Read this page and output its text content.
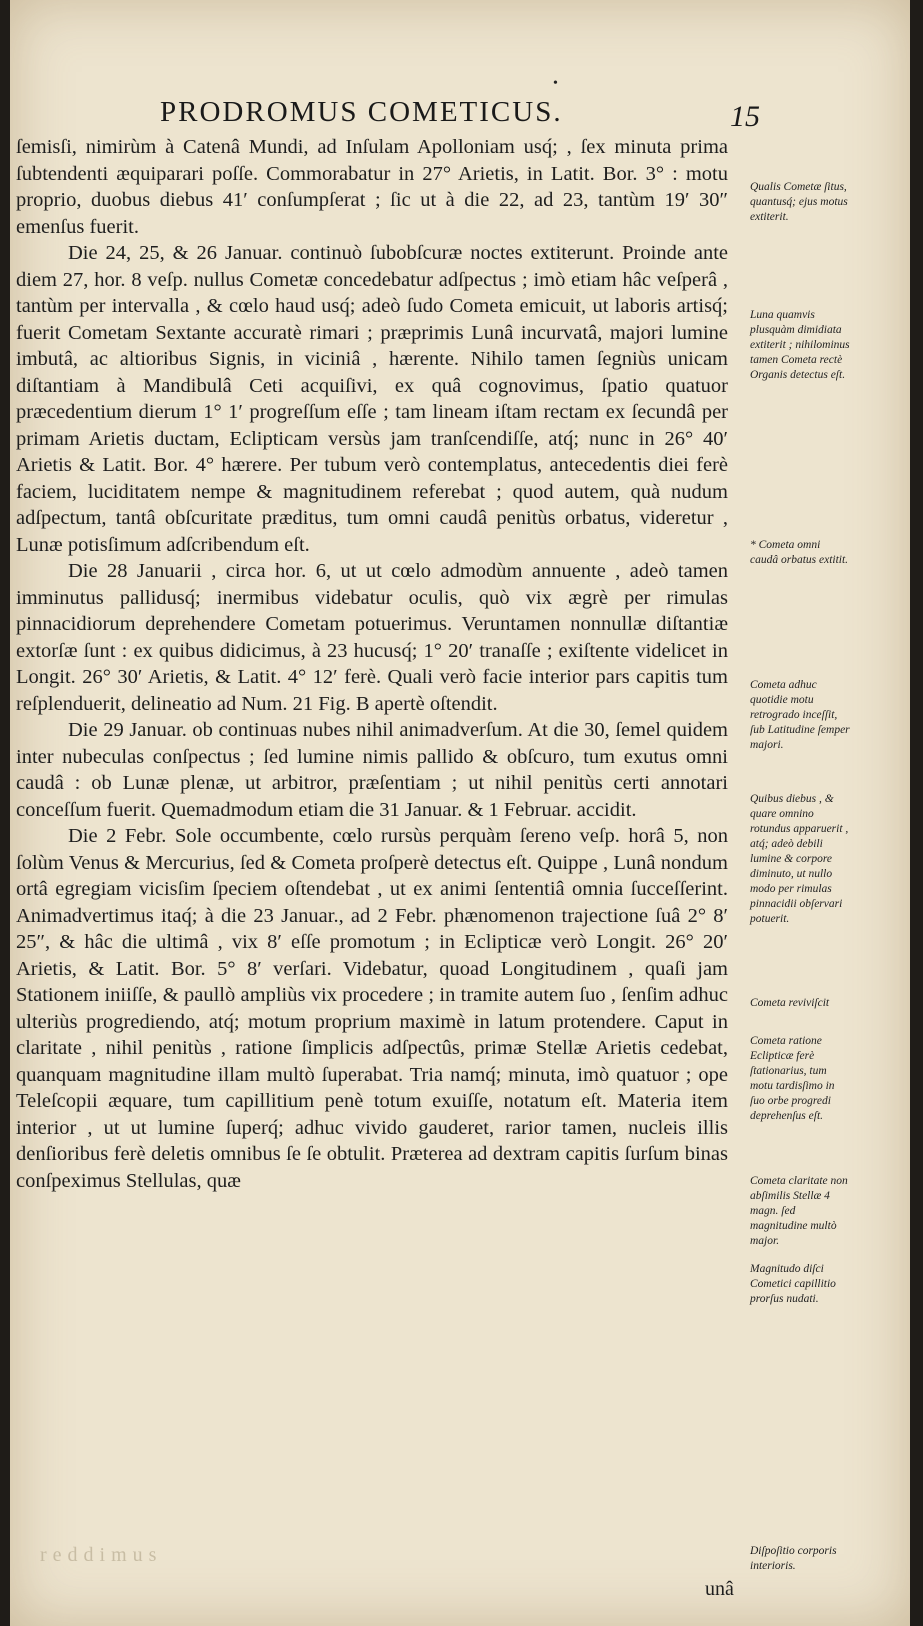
•
PRODROMUS COMETICUS.	15
reddimus

ſemisſi, nimirùm à Catenâ Mundi, ad Inſulam Apolloniam usq́; , ſex minuta prima ſubtendenti æquiparari poſſe. Commorabatur in 27° Arietis, in Latit. Bor. 3° : motu proprio, duobus diebus 41′ conſumpſerat ; ſic ut à die 22, ad 23, tantùm 19′ 30″ emenſus fuerit.

Die 24, 25, & 26 Januar. continuò ſubobſcuræ noctes extiterunt. Proinde ante diem 27, hor. 8 veſp. nullus Cometæ concedebatur adſpectus ; imò etiam hâc veſperâ , tantùm per intervalla , & cœlo haud usq́; adeò ſudo Cometa emicuit, ut laboris artisq́; fuerit Cometam Sextante accuratè rimari ; præprimis Lunâ incurvatâ, majori lumine imbutâ, ac altioribus Signis, in viciniâ , hærente. Nihilo tamen ſegniùs unicam diſtantiam à Mandibulâ Ceti acquiſivi, ex quâ cognovimus, ſpatio quatuor præcedentium dierum 1° 1′ progreſſum eſſe ; tam lineam iſtam rectam ex ſecundâ per primam Arietis ductam, Eclipticam versùs jam tranſcendiſſe, atq́; nunc in 26° 40′ Arietis & Latit. Bor. 4° hærere. Per tubum verò contemplatus, antecedentis diei ferè faciem, luciditatem nempe & magnitudinem referebat ; quod autem, quà nudum adſpectum, tantâ obſcuritate præditus, tum omni caudâ penitùs orbatus, videretur , Lunæ potisſimum adſcribendum eſt.

Die 28 Januarii , circa hor. 6, ut ut cœlo admodùm annuente , adeò tamen imminutus pallidusq́; inermibus videbatur oculis, quò vix ægrè per rimulas pinnacidiorum deprehendere Cometam potuerimus. Veruntamen nonnullæ diſtantiæ extorſæ ſunt : ex quibus didicimus, à 23 hucusq́; 1° 20′ tranaſſe ; exiſtente videlicet in Longit. 26° 30′ Arietis, & Latit. 4° 12′ ferè. Quali verò facie interior pars capitis tum reſplenduerit, delineatio ad Num. 21 Fig. B apertè oſtendit.

Die 29 Januar. ob continuas nubes nihil animadverſum. At die 30, ſemel quidem inter nubeculas conſpectus ; ſed lumine nimis pallido & obſcuro, tum exutus omni caudâ : ob Lunæ plenæ, ut arbitror, præſentiam ; ut nihil penitùs certi annotari conceſſum fuerit. Quemadmodum etiam die 31 Januar. & 1 Februar. accidit.

Die 2 Febr. Sole occumbente, cœlo rursùs perquàm ſereno veſp. horâ 5, non ſolùm Venus & Mercurius, ſed & Cometa proſperè detectus eſt. Quippe , Lunâ nondum ortâ egregiam vicisſim ſpeciem oſtendebat , ut ex animi ſententiâ omnia ſucceſſerint. Animadvertimus itaq́; à die 23 Januar., ad 2 Febr. phænomenon trajectione ſuâ 2° 8′ 25″, & hâc die ultimâ , vix 8′ eſſe promotum ; in Eclipticæ verò Longit. 26° 20′ Arietis, & Latit. Bor. 5° 8′ verſari. Videbatur, quoad Longitudinem , quaſi jam Stationem iniiſſe, & paullò ampliùs vix procedere ; in tramite autem ſuo , ſenſim adhuc ulteriùs progrediendo, atq́; motum proprium maximè in latum protendere. Caput in claritate , nihil penitùs , ratione ſimplicis adſpectûs, primæ Stellæ Arietis cedebat, quanquam magnitudine illam multò ſuperabat. Tria namq́; minuta, imò quatuor ; ope Teleſcopii æquare, tum capillitium penè totum exuiſſe, notatum eſt. Materia item interior , ut ut lumine ſuperq́; adhuc vivido gauderet, rarior tamen, nucleis illis denſioribus ferè deletis omnibus ſe ſe obtulit. Præterea ad dextram capitis ſurſum binas conſpeximus Stellulas, quæ

unâ
Qualis Cometæ ſitus, quantusq́; ejus motus extiterit.
Luna quamvis plusquàm dimidiata extiterit ; nihilominus tamen Cometa rectè Organis detectus eſt.
* Cometa omni caudâ orbatus extitit.
Cometa adhuc quotidie motu retrogrado inceſſit, ſub Latitudine ſemper majori.
Quibus diebus , & quare omnino rotundus apparuerit , atq́; adeò debili lumine & corpore diminuto, ut nullo modo per rimulas pinnacidii obſervari potuerit.
Cometa reviviſcit
Cometa ratione Eclipticæ ferè ſtationarius, tum motu tardisſimo in ſuo orbe progredi deprehenſus eſt.
Cometa claritate non abſimilis Stellæ 4 magn. ſed magnitudine multò major.
Magnitudo diſci Cometici capillitio prorſus nudati.
Diſpoſitio corporis interioris.
